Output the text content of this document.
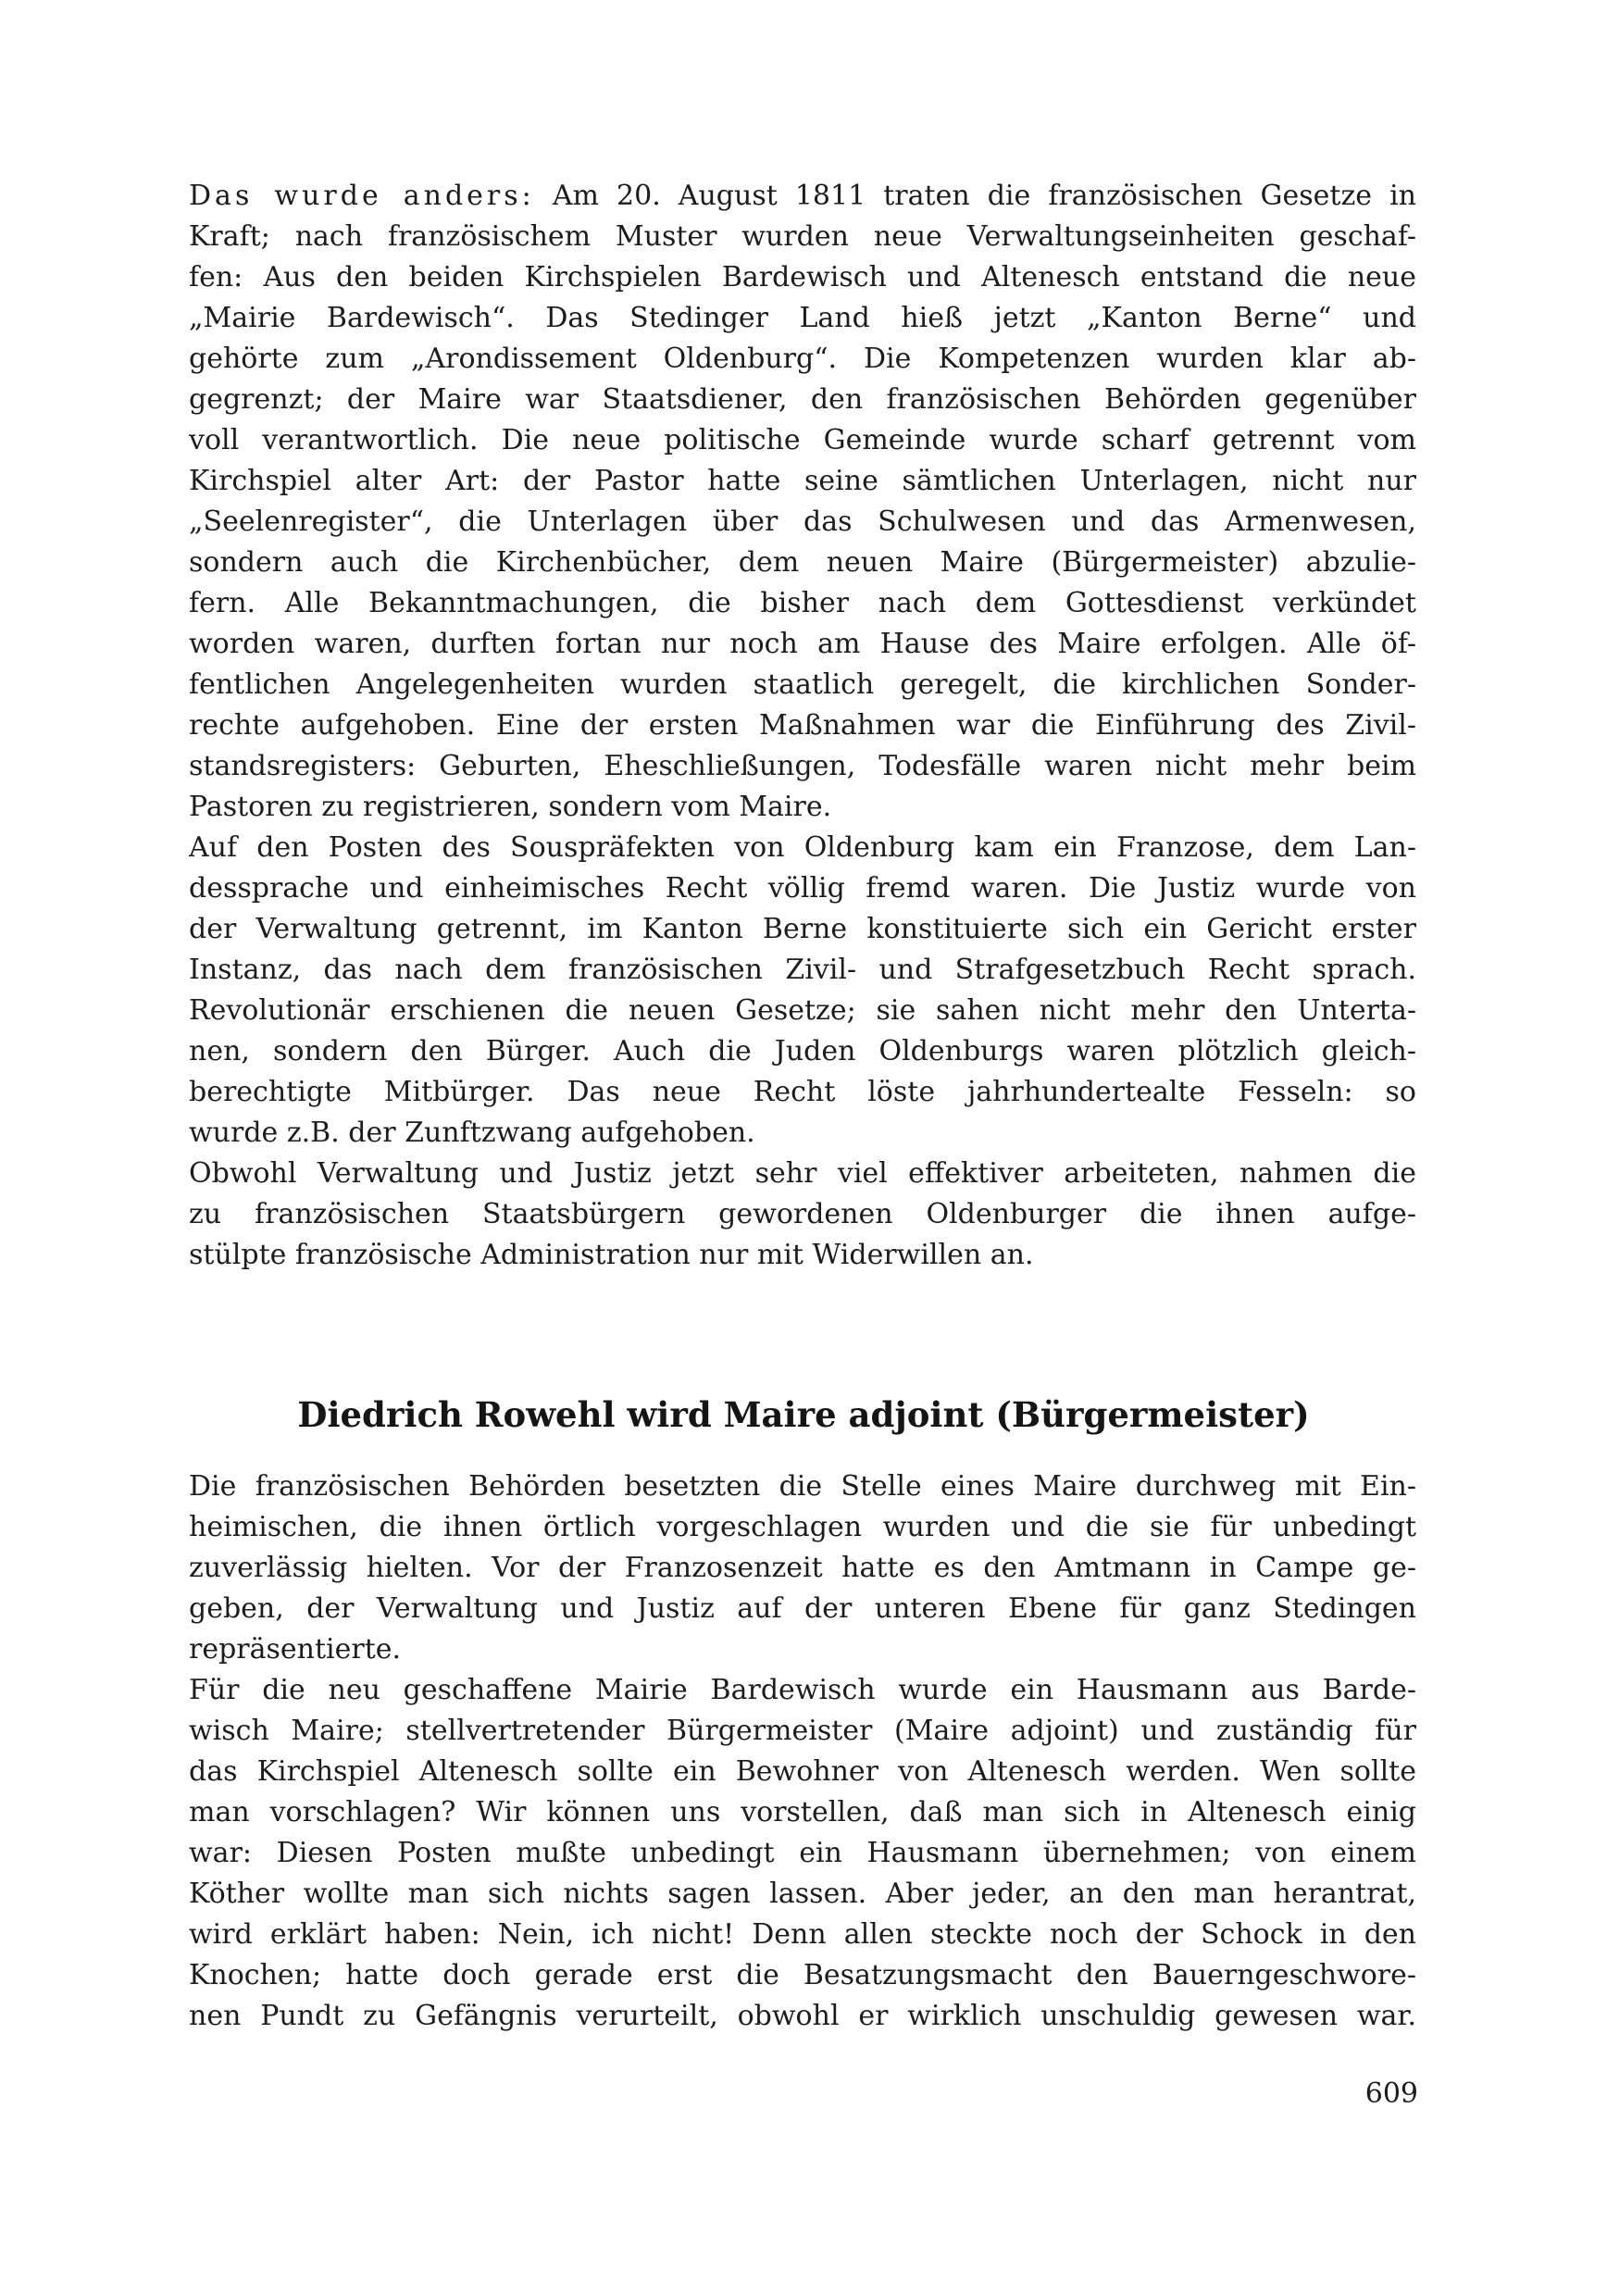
Das wurde anders: Am 20. August 1811 traten die französischen Gesetze in
Kraft; nach französischem Muster wurden neue Verwaltungseinheiten geschaf-
fen: Aus den beiden Kirchspielen Bardewisch und Altenesch entstand die neue
„Mairie Bardewisch“. Das Stedinger Land hieß jetzt „Kanton Berne“ und
gehörte zum „Arondissement Oldenburg“. Die Kompetenzen wurden klar ab-
gegrenzt; der Maire war Staatsdiener, den französischen Behörden gegenüber
voll verantwortlich. Die neue politische Gemeinde wurde scharf getrennt vom
Kirchspiel alter Art: der Pastor hatte seine sämtlichen Unterlagen, nicht nur
„Seelenregister“, die Unterlagen über das Schulwesen und das Armenwesen,
sondern auch die Kirchenbücher, dem neuen Maire (Bürgermeister) abzulie-
fern. Alle Bekanntmachungen, die bisher nach dem Gottesdienst verkündet
worden waren, durften fortan nur noch am Hause des Maire erfolgen. Alle öf-
fentlichen Angelegenheiten wurden staatlich geregelt, die kirchlichen Sonder-
rechte aufgehoben. Eine der ersten Maßnahmen war die Einführung des Zivil-
standsregisters: Geburten, Eheschließungen, Todesfälle waren nicht mehr beim
Pastoren zu registrieren, sondern vom Maire.
Auf den Posten des Souspräfekten von Oldenburg kam ein Franzose, dem Lan-
dessprache und einheimisches Recht völlig fremd waren. Die Justiz wurde von
der Verwaltung getrennt, im Kanton Berne konstituierte sich ein Gericht erster
Instanz, das nach dem französischen Zivil- und Strafgesetzbuch Recht sprach.
Revolutionär erschienen die neuen Gesetze; sie sahen nicht mehr den Unterta-
nen, sondern den Bürger. Auch die Juden Oldenburgs waren plötzlich gleich-
berechtigte Mitbürger. Das neue Recht löste jahrhundertealte Fesseln: so
wurde z.B. der Zunftzwang aufgehoben.
Obwohl Verwaltung und Justiz jetzt sehr viel effektiver arbeiteten, nahmen die
zu französischen Staatsbürgern gewordenen Oldenburger die ihnen aufge-
stülpte französische Administration nur mit Widerwillen an.
Diedrich Rowehl wird Maire adjoint (Bürgermeister)
Die französischen Behörden besetzten die Stelle eines Maire durchweg mit Ein-
heimischen, die ihnen örtlich vorgeschlagen wurden und die sie für unbedingt
zuverlässig hielten. Vor der Franzosenzeit hatte es den Amtmann in Campe ge-
geben, der Verwaltung und Justiz auf der unteren Ebene für ganz Stedingen
repräsentierte.
Für die neu geschaffene Mairie Bardewisch wurde ein Hausmann aus Barde-
wisch Maire; stellvertretender Bürgermeister (Maire adjoint) und zuständig für
das Kirchspiel Altenesch sollte ein Bewohner von Altenesch werden. Wen sollte
man vorschlagen? Wir können uns vorstellen, daß man sich in Altenesch einig
war: Diesen Posten mußte unbedingt ein Hausmann übernehmen; von einem
Köther wollte man sich nichts sagen lassen. Aber jeder, an den man herantrat,
wird erklärt haben: Nein, ich nicht! Denn allen steckte noch der Schock in den
Knochen; hatte doch gerade erst die Besatzungsmacht den Bauerngeschwore-
nen Pundt zu Gefängnis verurteilt, obwohl er wirklich unschuldig gewesen war.
609
